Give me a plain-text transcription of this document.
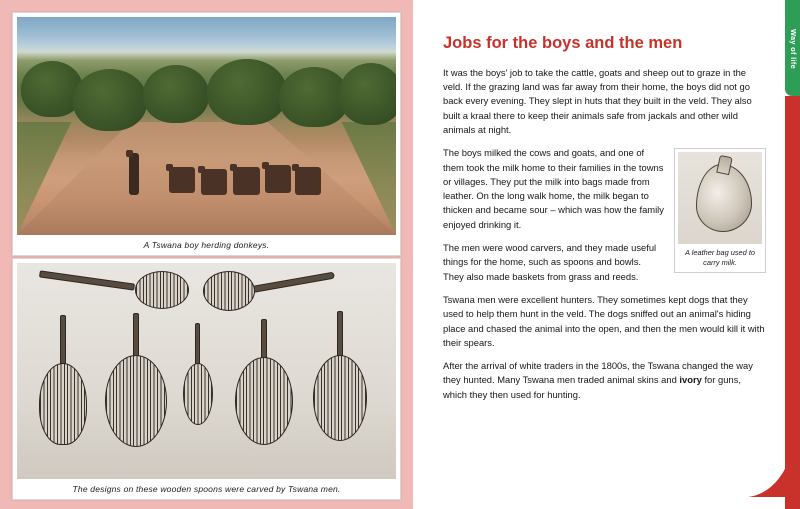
A Tswana boy herding donkeys.
The designs on these wooden spoons were carved by Tswana men.
Jobs for the boys and the men

It was the boys' job to take the cattle, goats and sheep out to graze in the veld. If the grazing land was far away from their home, the boys did not go back every evening. They slept in huts that they built in the veld. They also built a kraal there to keep their animals safe from jackals and other wild animals at night.

A leather bag used to carry milk.

The boys milked the cows and goats, and one of them took the milk home to their families in the towns or villages. They put the milk into bags made from leather. On the long walk home, the milk began to thicken and became sour – which was how the family enjoyed drinking it.

The men were wood carvers, and they made useful things for the home, such as spoons and bowls. They also made baskets from grass and reeds.

Tswana men were excellent hunters. They sometimes kept dogs that they used to help them hunt in the veld. The dogs sniffed out an animal's hiding place and chased the animal into the open, and then the men would kill it with their spears.

After the arrival of white traders in the 1800s, the Tswana changed the way they hunted. Many Tswana men traded animal skins and ivory for guns, which they then used for hunting.

Way of life
21
